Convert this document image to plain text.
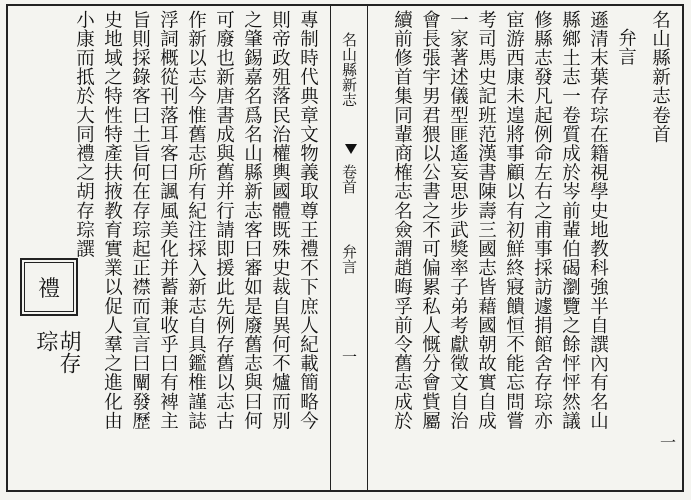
名山縣新志卷首
弁言
遜清末葉存琮在籍視學史地教科強半自譔內有名山
縣鄉土志一卷質成於岑前輩伯碣瀏覽之餘怦怦然議
修縣志發凡起例命左右之甫事採訪遽捐館舍存琮亦
宦游西康未遑將事顧以有初鮮終寢饋恒不能忘問嘗
考司馬史記班范漢書陳壽三國志皆藉國朝故實自成
一家著述儀型匪遙妄思步武獎率子弟考獻徵文自治
會長張宇男君猥以公書之不可偏累私人慨分會貲屬
續前修首集同輩商榷志名僉謂趙晦孚前令舊志成於
名山縣新志
卷首
弁言
一
專制時代典章文物義取尊王禮不下庶人紀載簡略今
則帝政殂落民治權輿國體既殊史裁自異何不爐而別
之肇錫嘉名爲名山縣新志客曰審如是廢舊志與曰何
可廢也新唐書成與舊并行請即援此先例存舊以志古
作新以志今惟舊志所有紀注採入新志自具鑑椎謹誌
浮詞概從刊落耳客曰諷風美化并蓄兼收乎曰有裨主
旨則採錄客曰土旨何在存琮起正襟而宣言曰闡發歷
史地域之特性特產扶掖教育實業以促人羣之進化由
小康而抵於大同禮之胡存琮譔
禮
胡存琮
一
